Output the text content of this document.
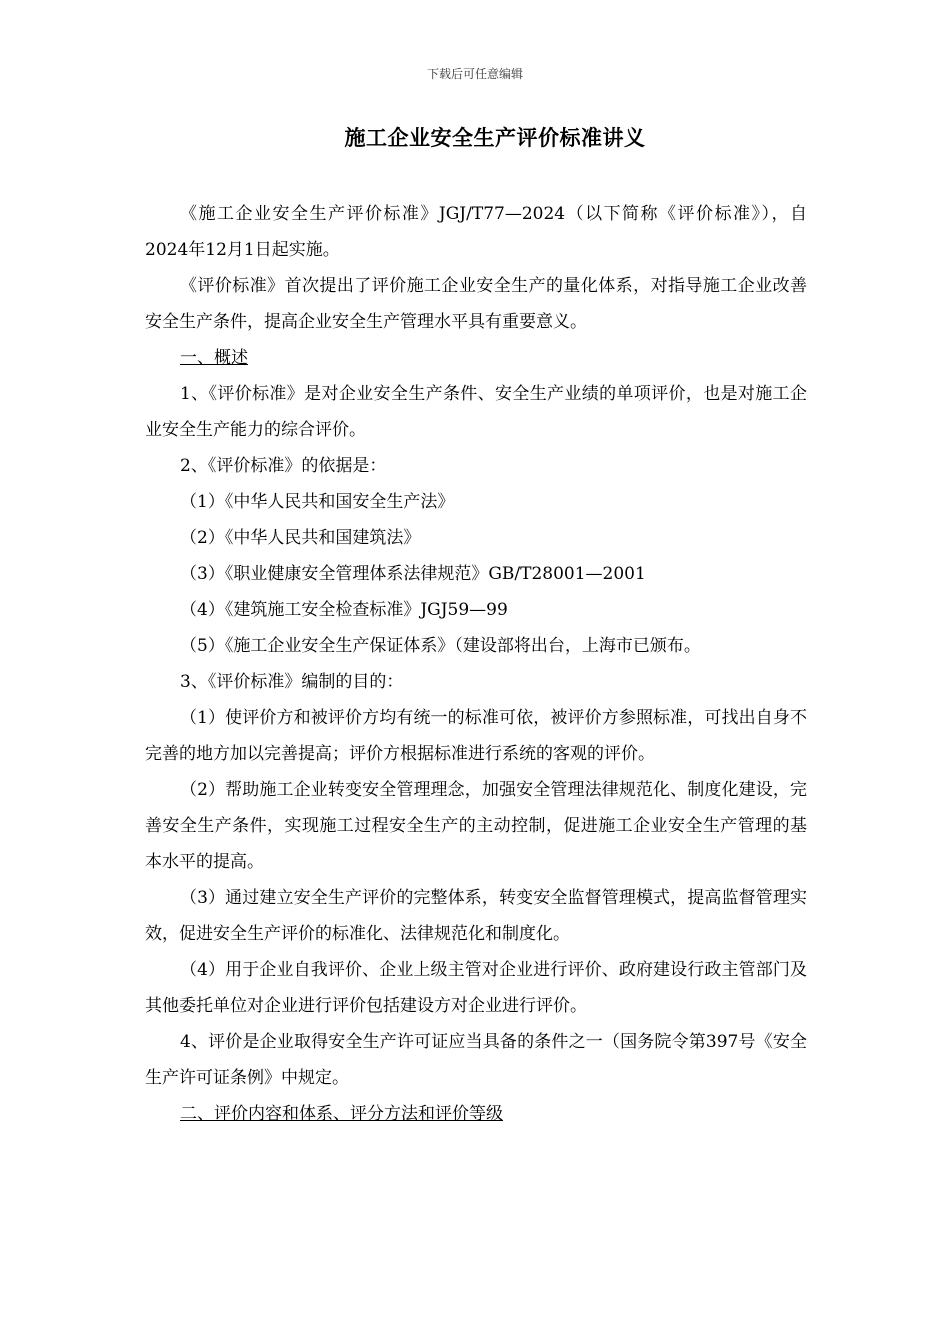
下载后可任意编辑
施工企业安全生产评价标准讲义

《施工企业安全生产评价标准》JGJ/T77—2024（以下简称《评价标准》），自2024年12月1日起实施。

《评价标准》首次提出了评价施工企业安全生产的量化体系，对指导施工企业改善安全生产条件，提高企业安全生产管理水平具有重要意义。

一、概述

1、《评价标准》是对企业安全生产条件、安全生产业绩的单项评价，也是对施工企业安全生产能力的综合评价。

2、《评价标准》的依据是：

（1）《中华人民共和国安全生产法》

（2）《中华人民共和国建筑法》

（3）《职业健康安全管理体系法律规范》GB/T28001—2001

（4）《建筑施工安全检查标准》JGJ59—99

（5）《施工企业安全生产保证体系》（建设部将出台，上海市已颁布。

3、《评价标准》编制的目的：

（1）使评价方和被评价方均有统一的标准可依，被评价方参照标准，可找出自身不完善的地方加以完善提高；评价方根据标准进行系统的客观的评价。

（2）帮助施工企业转变安全管理理念，加强安全管理法律规范化、制度化建设，完善安全生产条件，实现施工过程安全生产的主动控制，促进施工企业安全生产管理的基本水平的提高。

（3）通过建立安全生产评价的完整体系，转变安全监督管理模式，提高监督管理实效，促进安全生产评价的标准化、法律规范化和制度化。

（4）用于企业自我评价、企业上级主管对企业进行评价、政府建设行政主管部门及其他委托单位对企业进行评价包括建设方对企业进行评价。

4、评价是企业取得安全生产许可证应当具备的条件之一（国务院令第397号《安全生产许可证条例》中规定。

二、评价内容和体系、评分方法和评价等级
